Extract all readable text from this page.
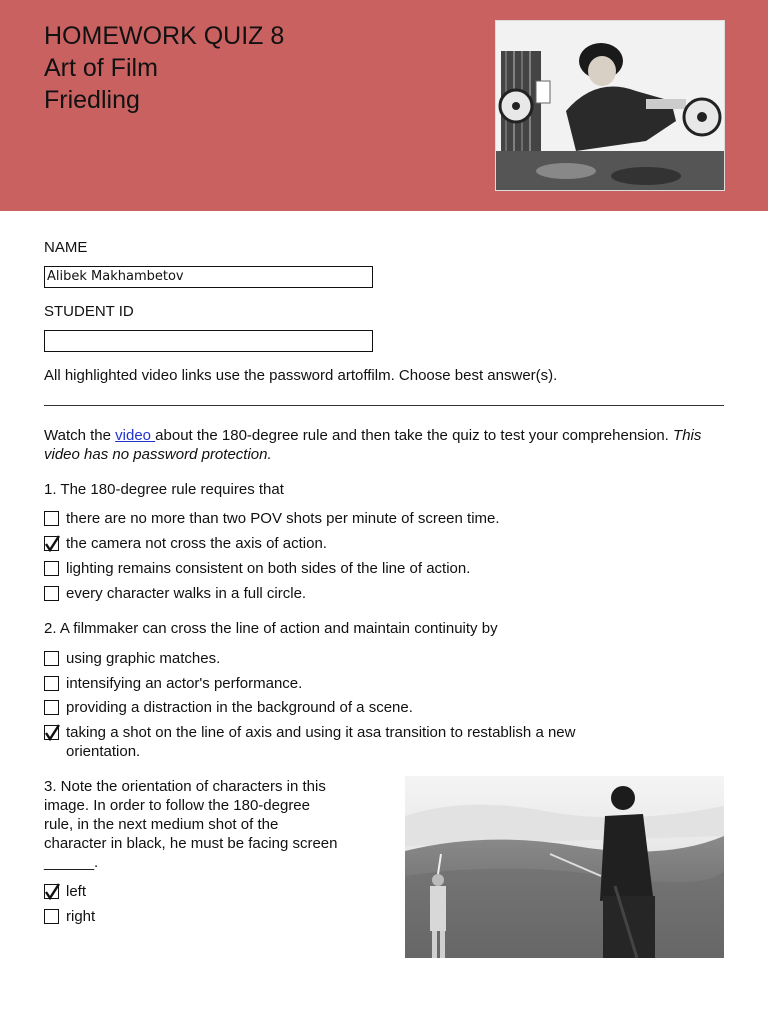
HOMEWORK QUIZ 8
Art of Film
Friedling
NAME
Alibek Makhambetov
STUDENT ID
All highlighted video links use the password artoffilm. Choose best answer(s).
Watch the video about the 180-degree rule and then take the quiz to test your comprehension. This
video has no password protection.
1. The 180-degree rule requires that
there are no more than two POV shots per minute of screen time.
the camera not cross the axis of action.
lighting remains consistent on both sides of the line of action.
every character walks in a full circle.
2. A filmmaker can cross the line of action and maintain continuity by
using graphic matches.
intensifying an actor's performance.
providing a distraction in the background of a scene.
taking a shot on the line of axis and using it asa transition to restablish a new orientation.
3. Note the orientation of characters in this
image. In order to follow the 180-degree
rule, in the next medium shot of the
character in black, he must be facing screen
______.
left
right
